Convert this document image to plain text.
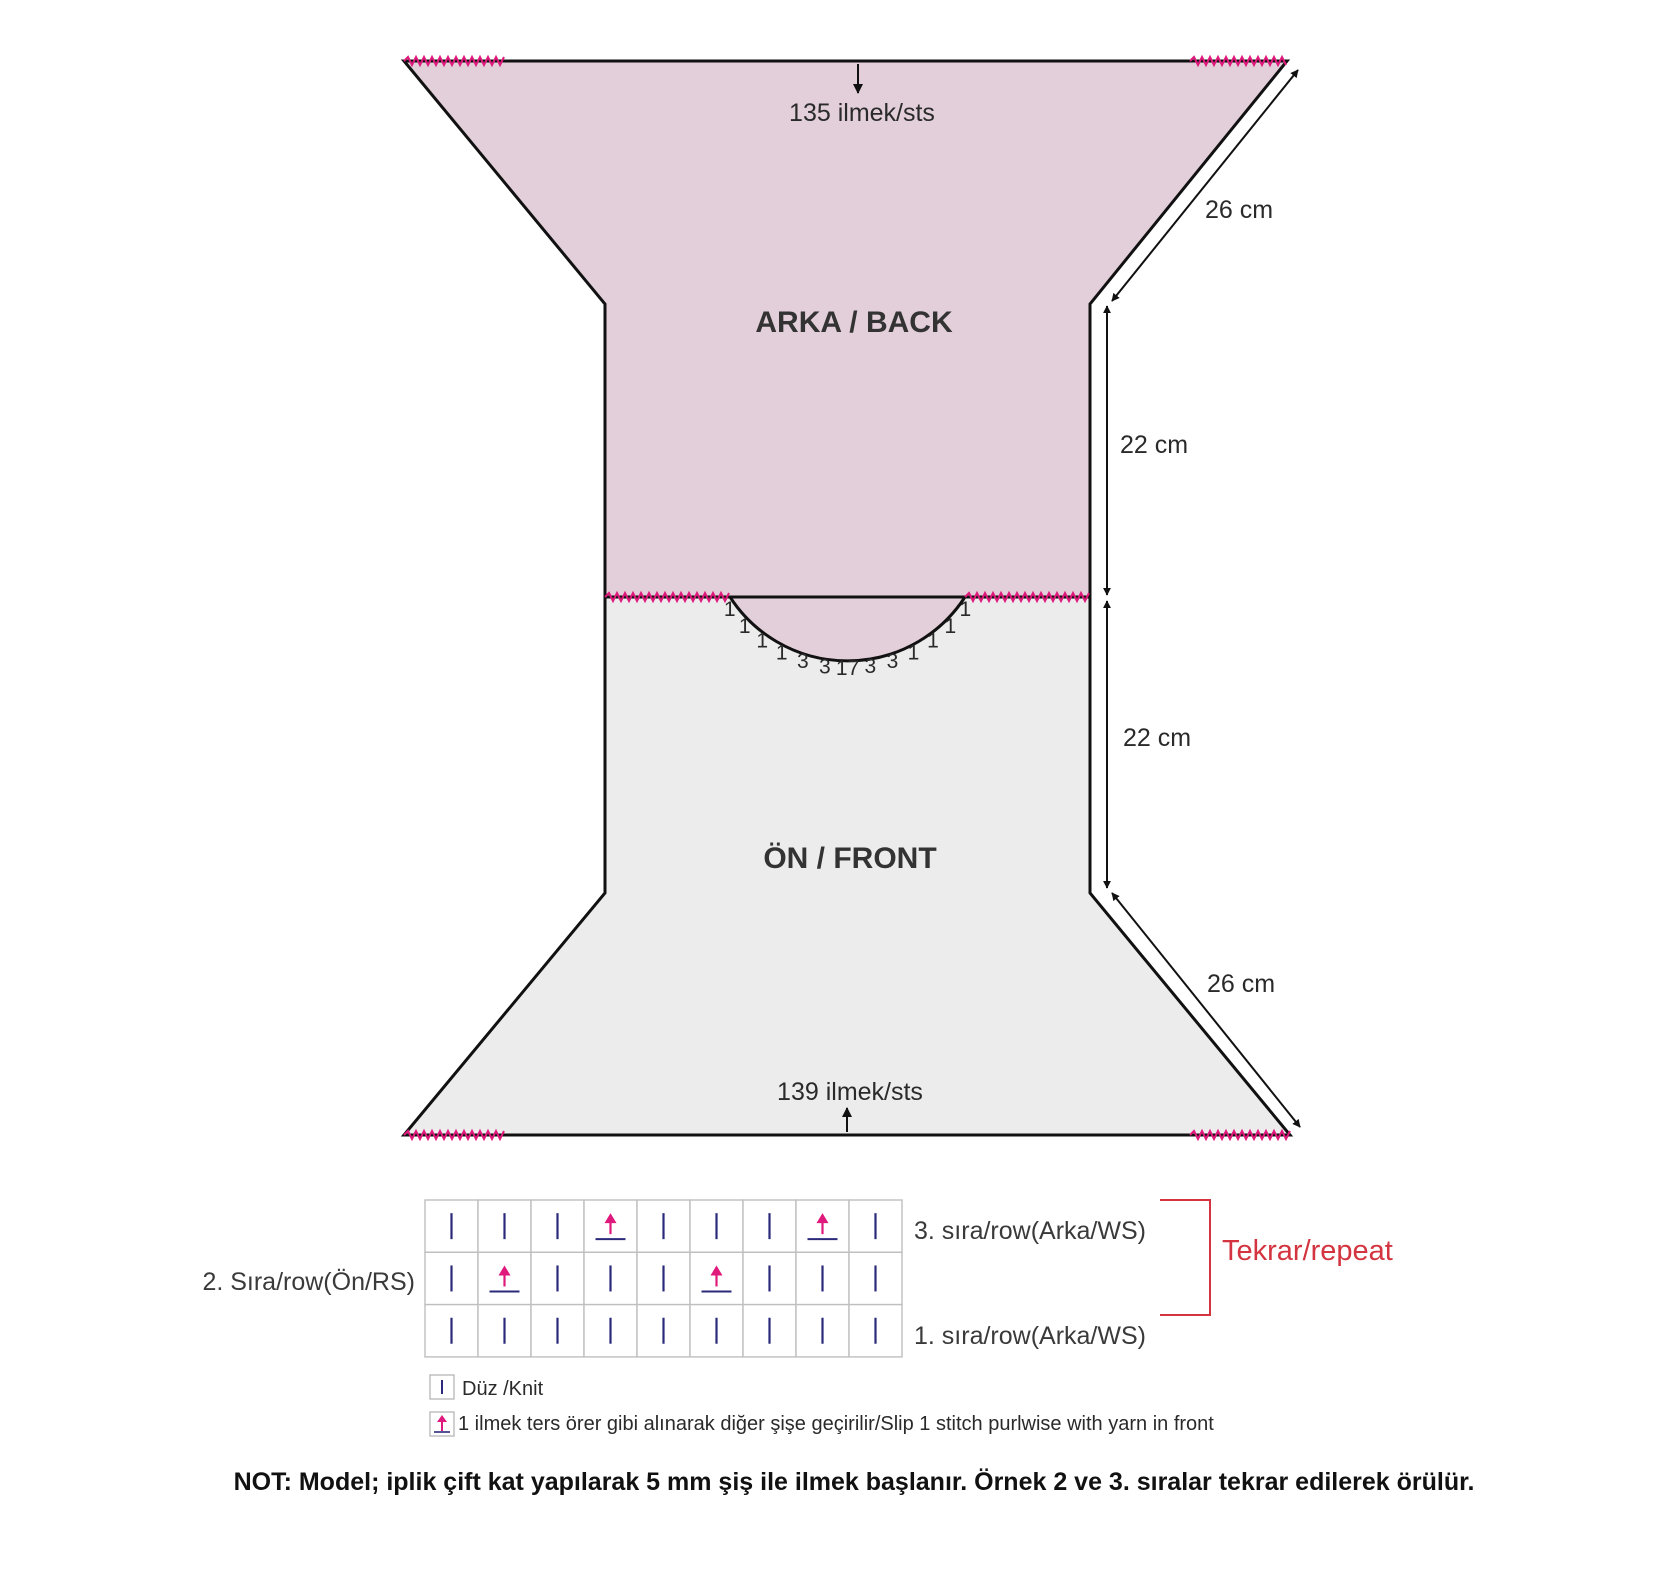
ARKA / BACK
ÖN / FRONT
135 ilmek/sts
139 ilmek/sts
26 cm
22 cm
22 cm
26 cm
1
1
1
1 3 3 17 3 3 1
1
1
1
3. sıra/row(Arka/WS)
2. Sıra/row(Ön/RS)
1. sıra/row(Arka/WS)
Tekrar/repeat
Düz /Knit
1 ilmek ters örer gibi alınarak diğer şişe geçirilir/Slip 1 stitch purlwise with yarn in front
NOT: Model; iplik çift kat yapılarak 5 mm şiş ile ilmek başlanır. Örnek 2 ve 3. sıralar tekrar edilerek örülür.
